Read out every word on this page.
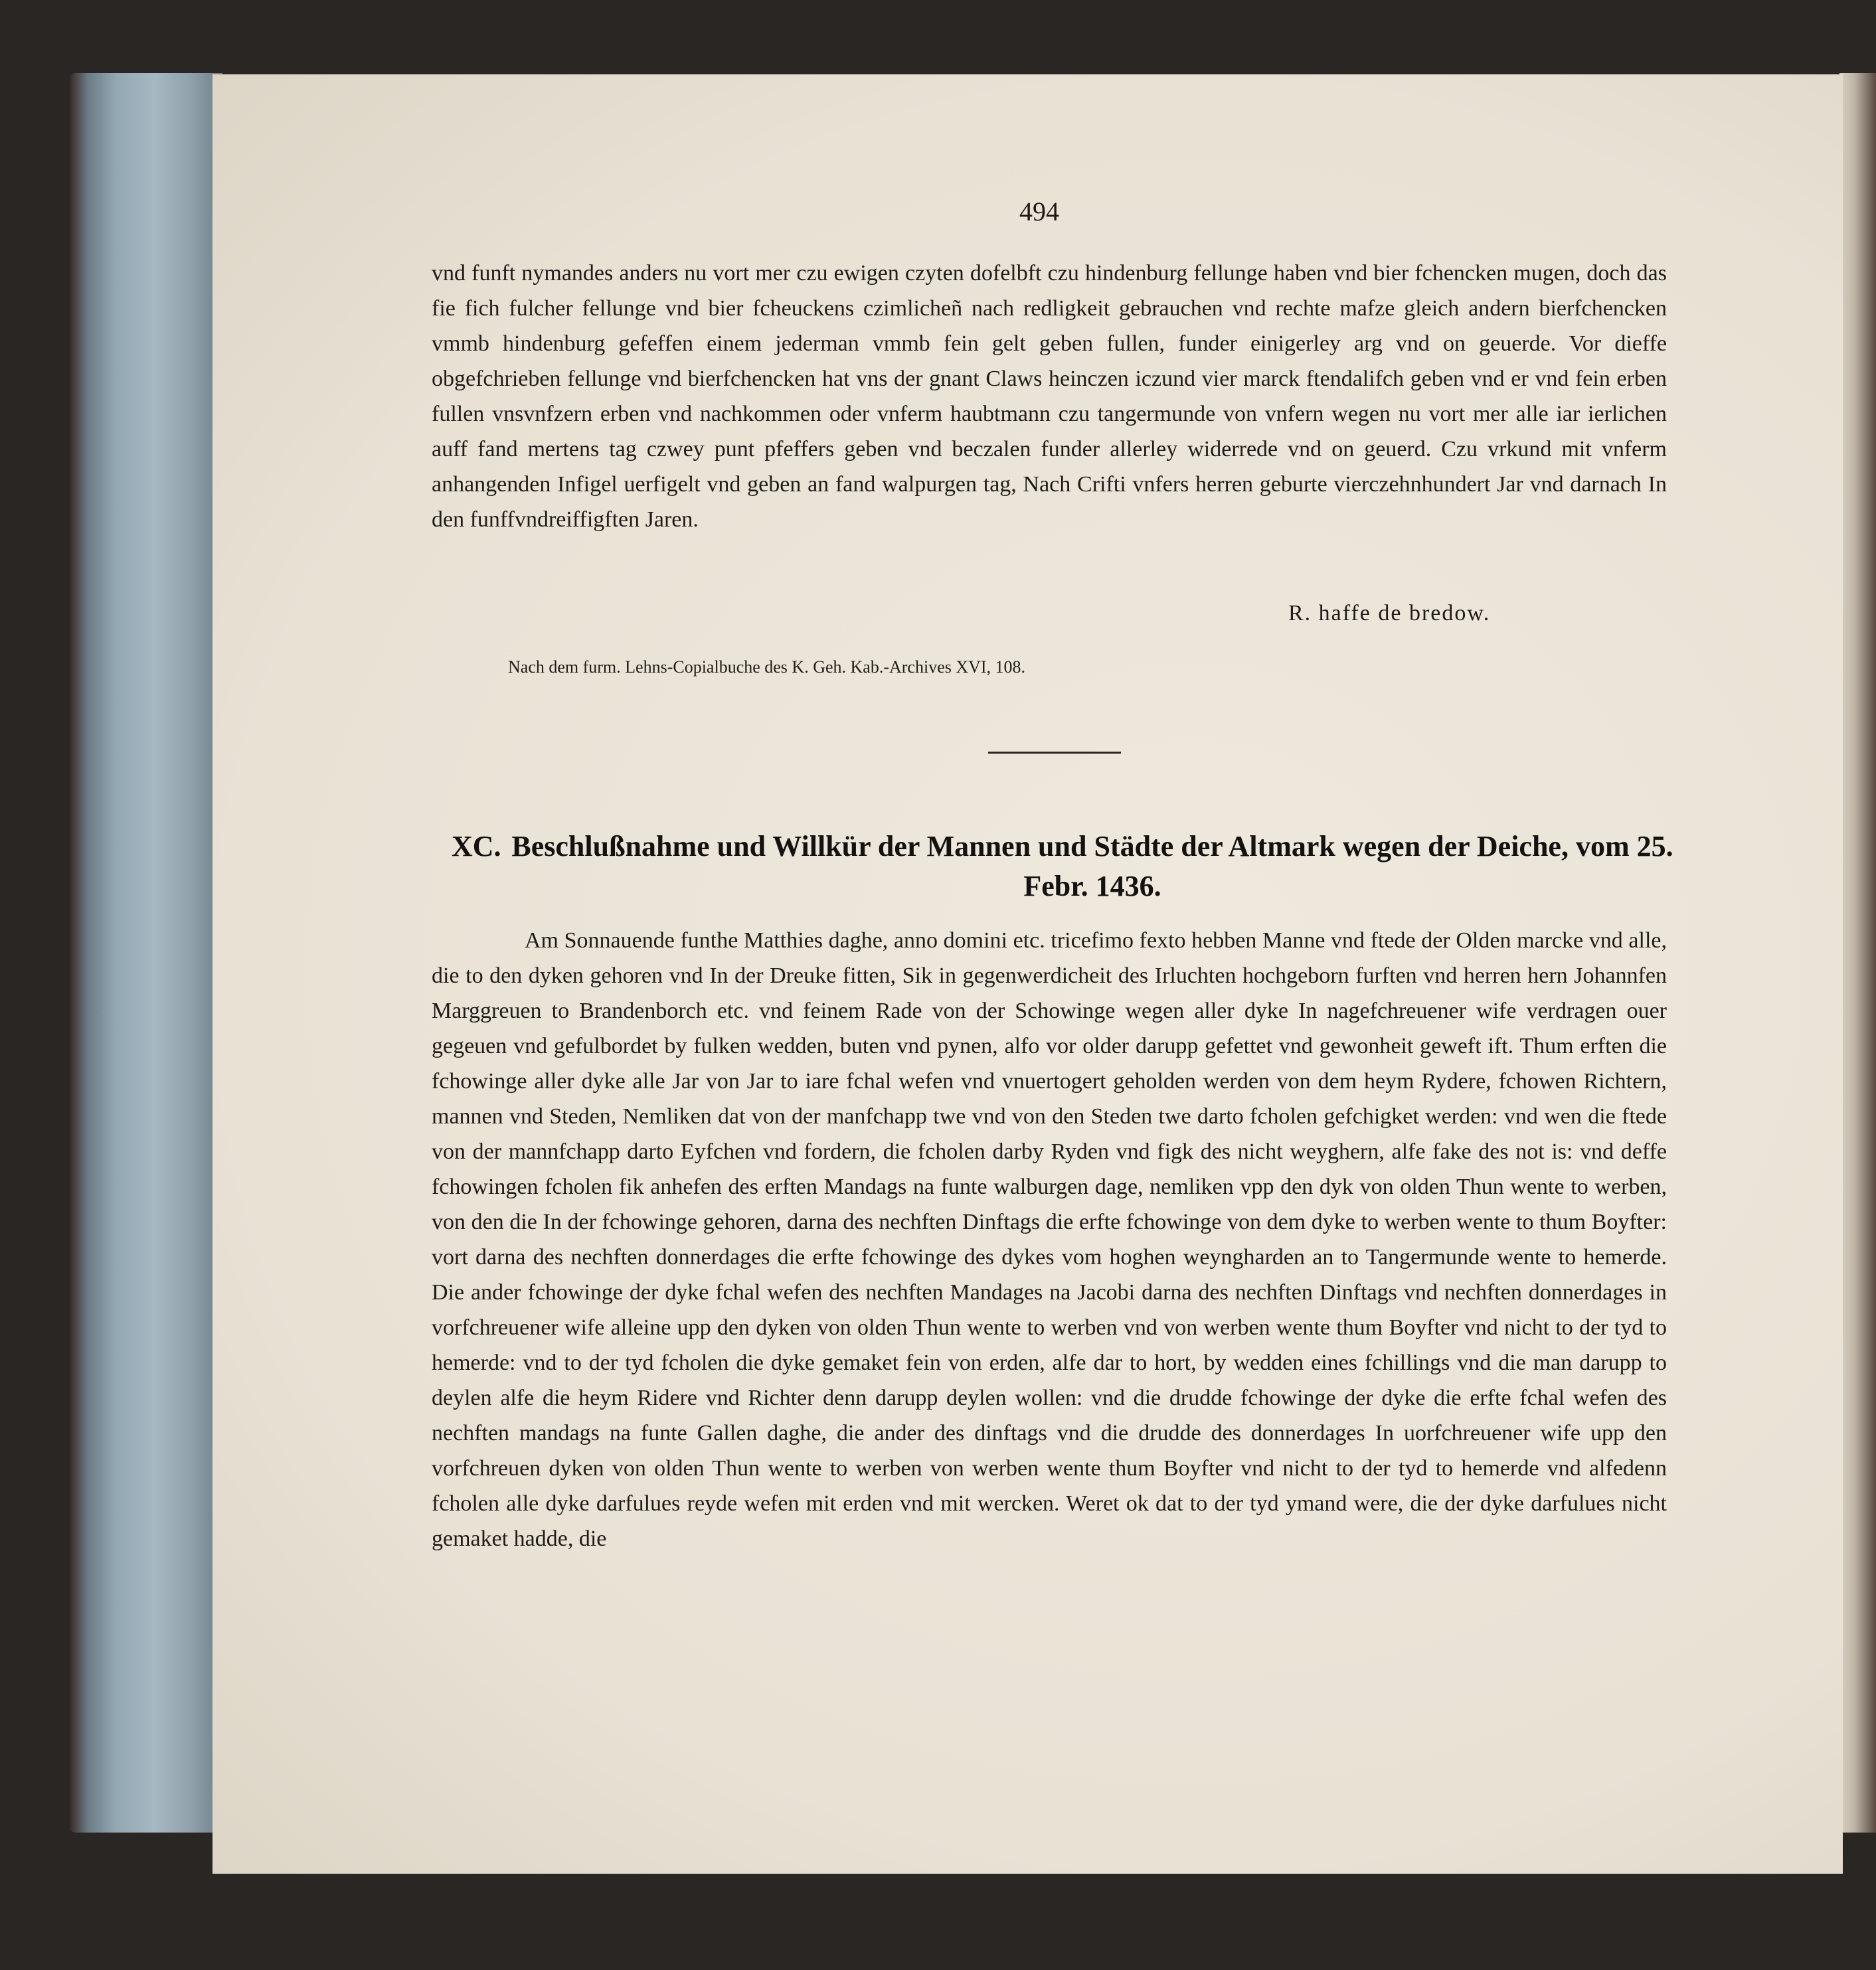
494

vnd funft nymandes anders nu vort mer czu ewigen czyten dofelbft czu hindenburg fellunge haben vnd bier fchencken mugen, doch das fie fich fulcher fellunge vnd bier fcheuckens czimlicheñ nach redligkeit gebrauchen vnd rechte mafze gleich andern bierfchencken vmmb hindenburg gefeffen einem jederman vmmb fein gelt geben fullen, funder einigerley arg vnd on geuerde. Vor dieffe obgefchrieben fellunge vnd bierfchencken hat vns der gnant Claws heinczen iczund vier marck ftendalifch geben vnd er vnd fein erben fullen vnsvnfzern erben vnd nachkommen oder vnferm haubtmann czu tangermunde von vnfern wegen nu vort mer alle iar ierlichen auff fand mertens tag czwey punt pfeffers geben vnd beczalen funder allerley widerrede vnd on geuerd. Czu vrkund mit vnferm anhangenden Infigel uerfigelt vnd geben an fand walpurgen tag, Nach Crifti vnfers herren geburte vierczehnhundert Jar vnd darnach In den funffvndreiffigften Jaren.

R. haffe de bredow.
Nach dem furm. Lehns-Copialbuche des K. Geh. Kab.-Archives XVI, 108.
XC. Beschlußnahme und Willkür der Mannen und Städte der Altmark wegen der Deiche, vom 25. Febr. 1436.

Am Sonnauende funthe Matthies daghe, anno domini etc. tricefimo fexto hebben Manne vnd ftede der Olden marcke vnd alle, die to den dyken gehoren vnd In der Dreuke fitten, Sik in gegenwerdicheit des Irluchten hochgeborn furften vnd herren hern Johannfen Marggreuen to Brandenborch etc. vnd feinem Rade von der Schowinge wegen aller dyke In nagefchreuener wife verdragen ouer gegeuen vnd gefulbordet by fulken wedden, buten vnd pynen, alfo vor older darupp gefettet vnd gewonheit geweft ift. Thum erften die fchowinge aller dyke alle Jar von Jar to iare fchal wefen vnd vnuertogert geholden werden von dem heym Rydere, fchowen Richtern, mannen vnd Steden, Nemliken dat von der manfchapp twe vnd von den Steden twe darto fcholen gefchigket werden: vnd wen die ftede von der mannfchapp darto Eyfchen vnd fordern, die fcholen darby Ryden vnd figk des nicht weyghern, alfe fake des not is: vnd deffe fchowingen fcholen fik anhefen des erften Mandags na funte walburgen dage, nemliken vpp den dyk von olden Thun wente to werben, von den die In der fchowinge gehoren, darna des nechften Dinftags die erfte fchowinge von dem dyke to werben wente to thum Boyfter: vort darna des nechften donnerdages die erfte fchowinge des dykes vom hoghen weyngharden an to Tangermunde wente to hemerde. Die ander fchowinge der dyke fchal wefen des nechften Mandages na Jacobi darna des nechften Dinftags vnd nechften donnerdages in vorfchreuener wife alleine upp den dyken von olden Thun wente to werben vnd von werben wente thum Boyfter vnd nicht to der tyd to hemerde: vnd to der tyd fcholen die dyke gemaket fein von erden, alfe dar to hort, by wedden eines fchillings vnd die man darupp to deylen alfe die heym Ridere vnd Richter denn darupp deylen wollen: vnd die drudde fchowinge der dyke die erfte fchal wefen des nechften mandags na funte Gallen daghe, die ander des dinftags vnd die drudde des donnerdages In uorfchreuener wife upp den vorfchreuen dyken von olden Thun wente to werben von werben wente thum Boyfter vnd nicht to der tyd to hemerde vnd alfedenn fcholen alle dyke darfulues reyde wefen mit erden vnd mit wercken. Weret ok dat to der tyd ymand were, die der dyke darfulues nicht gemaket hadde, die
